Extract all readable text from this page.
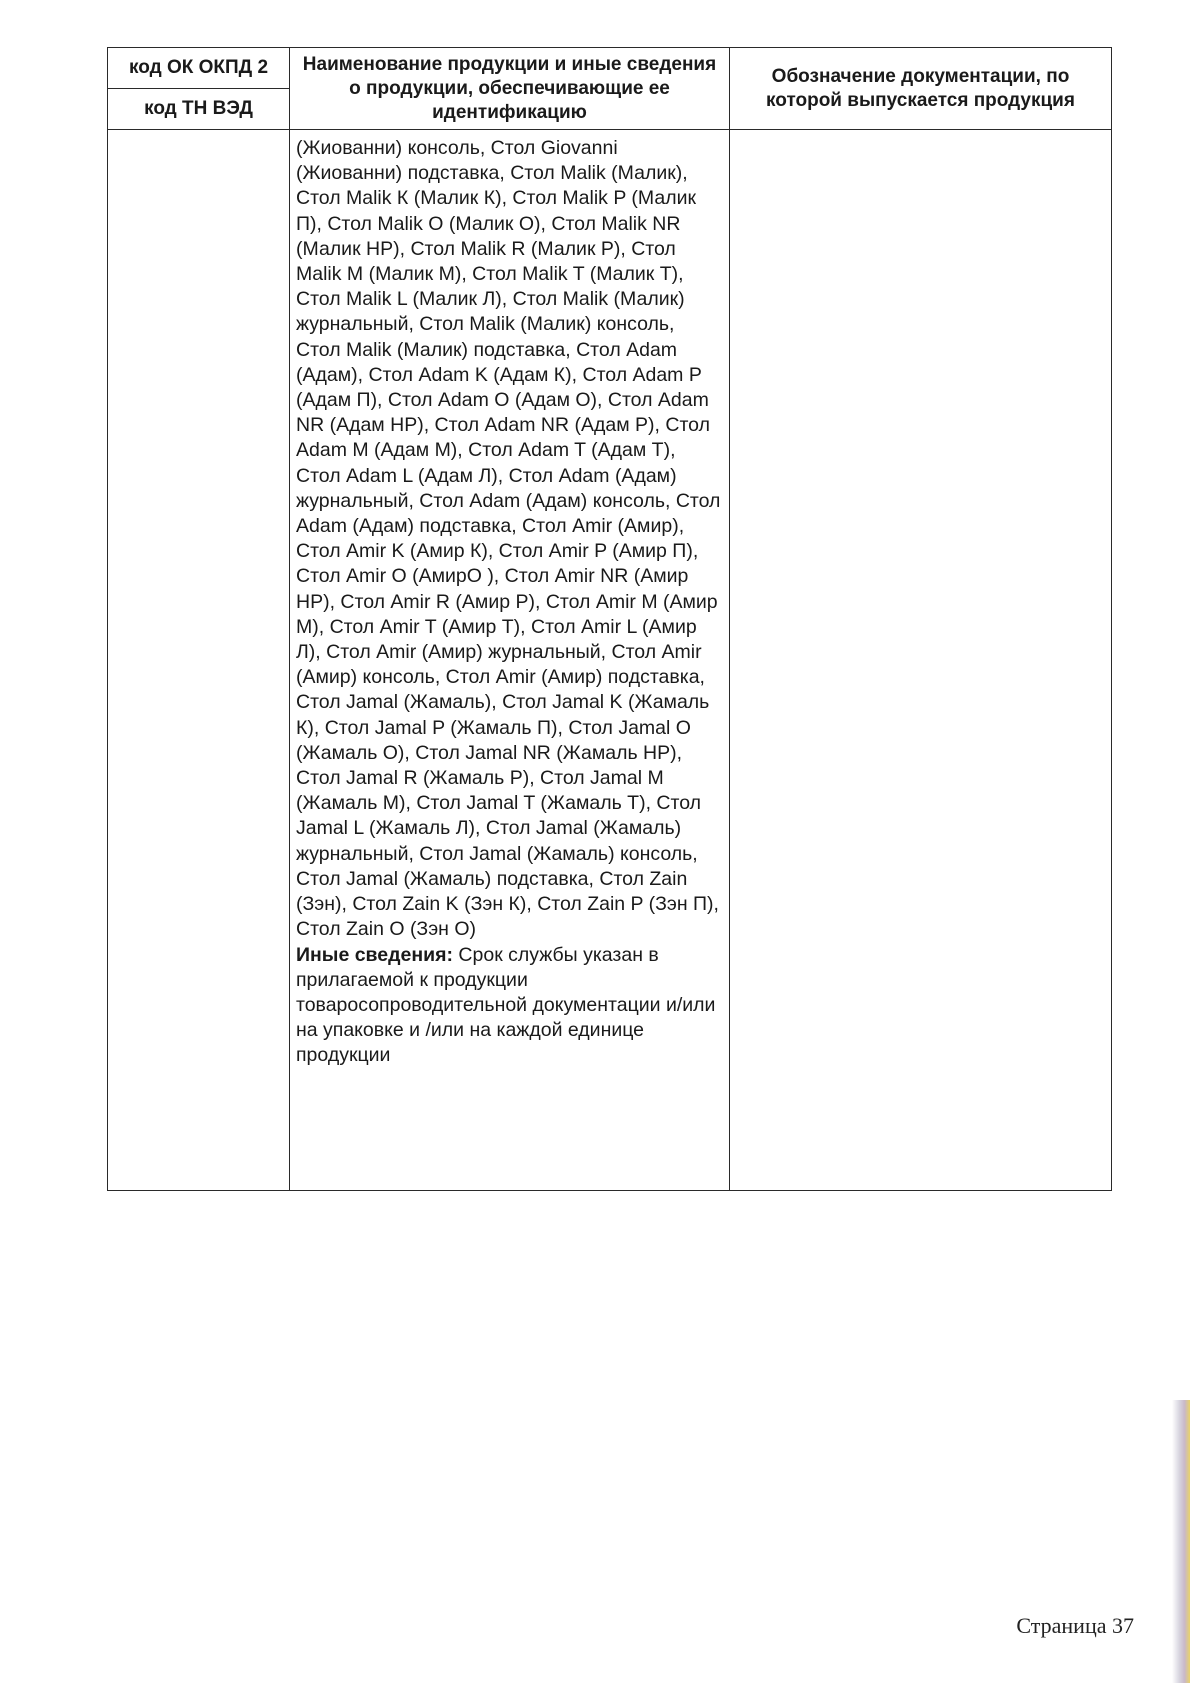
код ОК ОКПД 2	Наименование продукции и иные сведения о продукции, обеспечивающие ее идентификацию	Обозначение документации, по которой выпускается продукция
код ТН ВЭД		
	(Жиованни) консоль, Стол Giovanni (Жиованни) подставка, Стол Malik (Малик), Стол Malik К (Малик К), Стол Malik P (Малик П), Стол Malik O (Малик О), Стол Malik NR (Малик НР), Стол Malik R (Малик Р), Стол Malik M (Малик М), Стол Malik T (Малик Т), Стол Malik L (Малик Л), Стол Malik (Малик) журнальный, Стол Malik (Малик) консоль, Стол Malik (Малик) подставка, Стол Adam (Адам), Стол Adam K (Адам К), Стол Adam P (Адам П), Стол Adam O (Адам О), Стол Adam NR (Адам НР), Стол Adam NR (Адам Р), Стол Adam M (Адам М), Стол Adam T (Адам Т), Стол Adam L (Адам Л), Стол Adam (Адам) журнальный, Стол Adam (Адам) консоль, Стол Adam (Адам) подставка, Стол Amir (Амир), Стол Amir K (Амир К), Стол Amir P (Амир П), Стол Amir O (АмирО ), Стол Amir NR (Амир НР), Стол Amir R (Амир Р), Стол Amir M (Амир М), Стол Amir T (Амир Т), Стол Amir L (Амир Л), Стол Amir (Амир) журнальный, Стол Amir (Амир) консоль, Стол Amir (Амир) подставка, Стол Jamal (Жамаль), Стол Jamal K (Жамаль К), Стол Jamal P (Жамаль П), Стол Jamal O (Жамаль О), Стол Jamal NR (Жамаль НР), Стол Jamal R (Жамаль Р), Стол Jamal M (Жамаль М), Стол Jamal T (Жамаль Т), Стол Jamal L (Жамаль Л), Стол Jamal (Жамаль) журнальный, Стол Jamal (Жамаль) консоль, Стол Jamal (Жамаль) подставка, Стол Zain (Зэн), Стол Zain K (Зэн К), Стол Zain P (Зэн П), Стол Zain O (Зэн О)
Иные сведения: Срок службы указан в прилагаемой к продукции товаросопроводительной документации и/или на упаковке и /или на каждой единице продукции	
Страница 37
